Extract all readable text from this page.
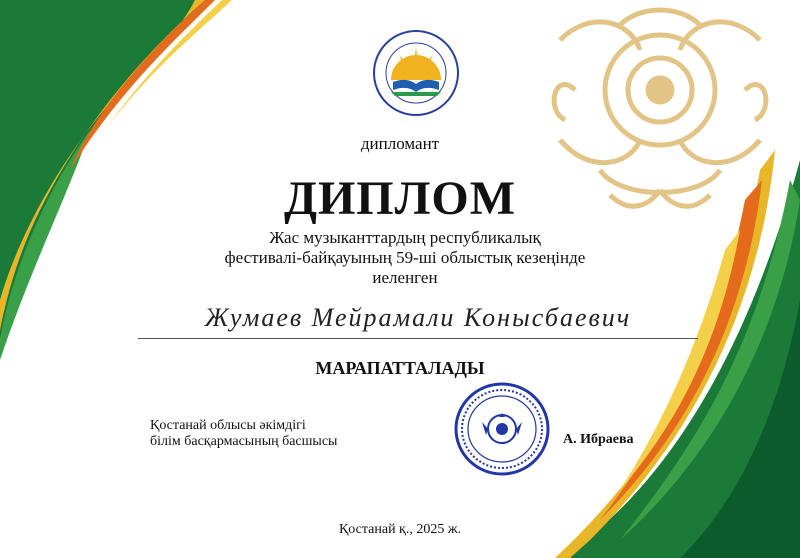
дипломант
ДИПЛОМ
Жас музыканттардың республикалық
фестивалі-байқауының 59-ші облыстық кезеңінде
иеленген
Жумаев Мейрамали Конысбаевич
МАРАПАТТАЛАДЫ
Қостанай облысы әкімдігі
білім басқармасының басшысы	А. Ибраева
Қостанай қ., 2025 ж.
